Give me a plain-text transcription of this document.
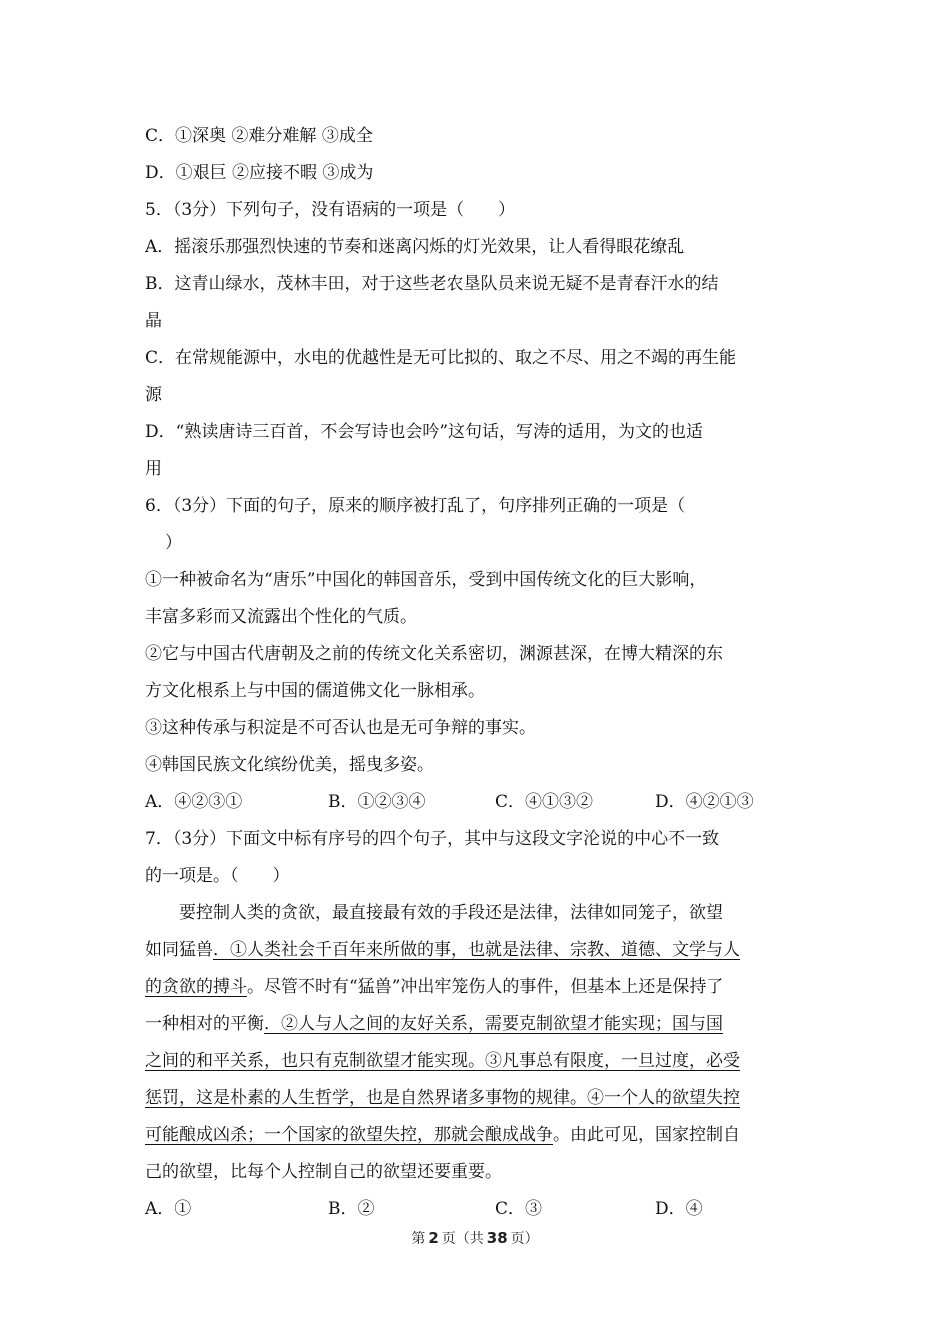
C．①深奥 ②难分难解 ③成全
D．①艰巨 ②应接不暇 ③成为
5．（3分）下列句子，没有语病的一项是（　　）
A．摇滚乐那强烈快速的节奏和迷离闪烁的灯光效果，让人看得眼花缭乱
B．这青山绿水，茂林丰田，对于这些老农垦队员来说无疑不是青春汗水的结
晶
C．在常规能源中，水电的优越性是无可比拟的、取之不尽、用之不竭的再生能
源
D．“熟读唐诗三百首，不会写诗也会吟”这句话，写涛的适用，为文的也适
用
6．（3分）下面的句子，原来的顺序被打乱了，句序排列正确的一项是（
）
①一种被命名为“唐乐”中国化的韩国音乐，受到中国传统文化的巨大影响，
丰富多彩而又流露出个性化的气质。
②它与中国古代唐朝及之前的传统文化关系密切，渊源甚深，在博大精深的东
方文化根系上与中国的儒道佛文化一脉相承。
③这种传承与积淀是不可否认也是无可争辩的事实。
④韩国民族文化缤纷优美，摇曳多姿。
A．④②③①	B．①②③④	C．④①③②	D．④②①③
7．（3分）下面文中标有序号的四个句子，其中与这段文字沦说的中心不一致
的一项是。（　　）
要控制人类的贪欲，最直接最有效的手段还是法律，法律如同笼子，欲望
如同猛兽．①人类社会千百年来所做的事，也就是法律、宗教、道德、文学与人
的贪欲的搏斗。尽管不时有“猛兽”冲出牢笼伤人的事件，但基本上还是保持了
一种相对的平衡．②人与人之间的友好关系，需要克制欲望才能实现；国与国
之间的和平关系，也只有克制欲望才能实现。③凡事总有限度，一旦过度，必受
惩罚，这是朴素的人生哲学，也是自然界诸多事物的规律。④一个人的欲望失控
可能酿成凶杀；一个国家的欲望失控，那就会酿成战争。由此可见，国家控制自
己的欲望，比每个人控制自己的欲望还要重要。
A．①	B．②	C．③	D．④
第 2 页（共 38 页）
